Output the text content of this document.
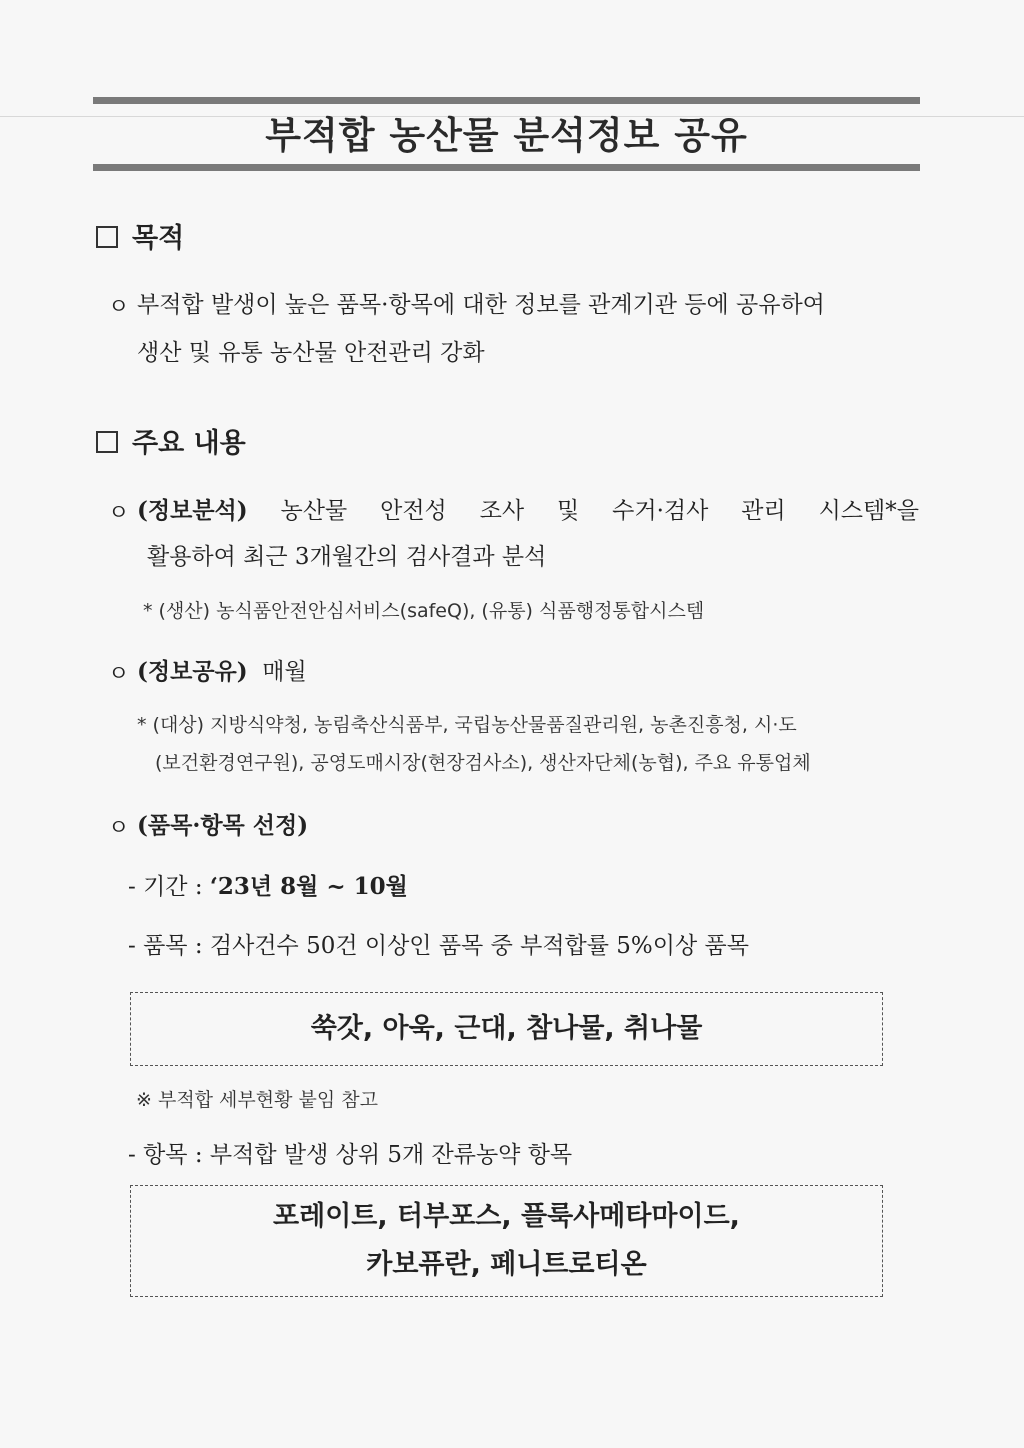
부적합 농산물 분석정보 공유
목적
ㅇ 부적합 발생이 높은 품목·항목에 대한 정보를 관계기관 등에 공유하여
생산 및 유통 농산물 안전관리 강화
주요 내용
ㅇ (정보분석) 농산물 안전성 조사 및 수거·검사 관리 시스템*을
활용하여 최근 3개월간의 검사결과 분석
* (생산) 농식품안전안심서비스(safeQ), (유통) 식품행정통합시스템
ㅇ (정보공유) 매월
* (대상) 지방식약청, 농림축산식품부, 국립농산물품질관리원, 농촌진흥청, 시·도
(보건환경연구원), 공영도매시장(현장검사소), 생산자단체(농협), 주요 유통업체
ㅇ (품목·항목 선정)
- 기간 : ‘23년 8월 ~ 10월
- 품목 : 검사건수 50건 이상인 품목 중 부적합률 5%이상 품목
쑥갓, 아욱, 근대, 참나물, 취나물
※ 부적합 세부현황 붙임 참고
- 항목 : 부적합 발생 상위 5개 잔류농약 항목
포레이트, 터부포스, 플룩사메타마이드,
카보퓨란, 페니트로티온
